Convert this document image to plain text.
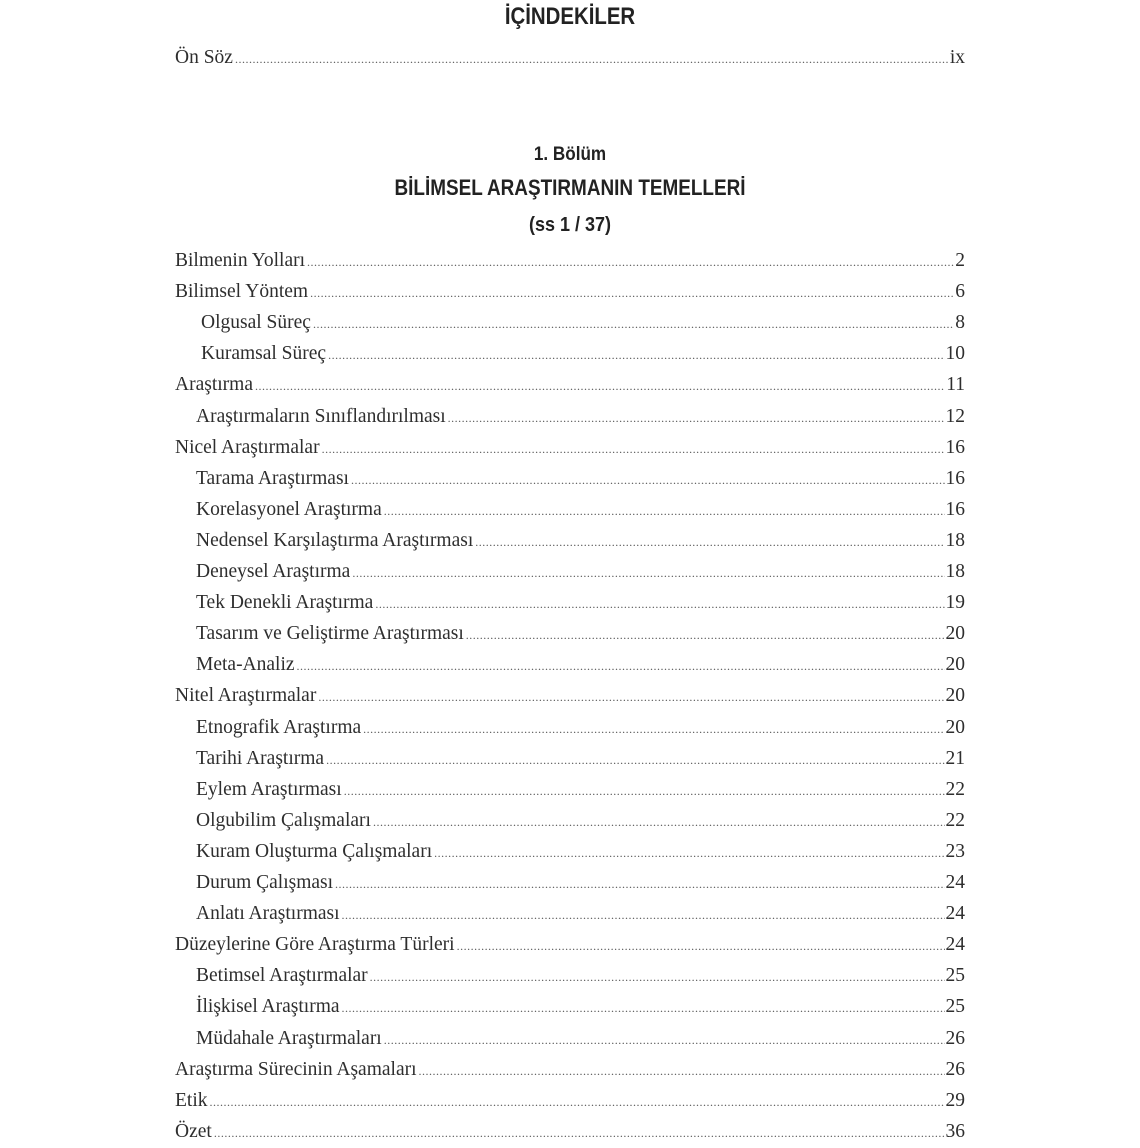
İÇİNDEKİLER
Ön Söz .....	ix
1. Bölüm
BİLİMSEL ARAŞTIRMANIN TEMELLERİ
(ss 1 / 37)
Bilmenin Yolları .....	2
Bilimsel Yöntem .....	6
Olgusal Süreç .....	8
Kuramsal Süreç .....	10
Araştırma .....	11
Araştırmaların Sınıflandırılması .....	12
Nicel Araştırmalar .....	16
Tarama Araştırması .....	16
Korelasyonel Araştırma .....	16
Nedensel Karşılaştırma Araştırması .....	18
Deneysel Araştırma .....	18
Tek Denekli Araştırma .....	19
Tasarım ve Geliştirme Araştırması .....	20
Meta-Analiz .....	20
Nitel Araştırmalar .....	20
Etnografik Araştırma .....	20
Tarihi Araştırma .....	21
Eylem Araştırması .....	22
Olgubilim Çalışmaları .....	22
Kuram Oluşturma Çalışmaları .....	23
Durum Çalışması .....	24
Anlatı Araştırması .....	24
Düzeylerine Göre Araştırma Türleri .....	24
Betimsel Araştırmalar .....	25
İlişkisel Araştırma .....	25
Müdahale Araştırmaları .....	26
Araştırma Sürecinin Aşamaları .....	26
Etik .....	29
Özet .....	36
